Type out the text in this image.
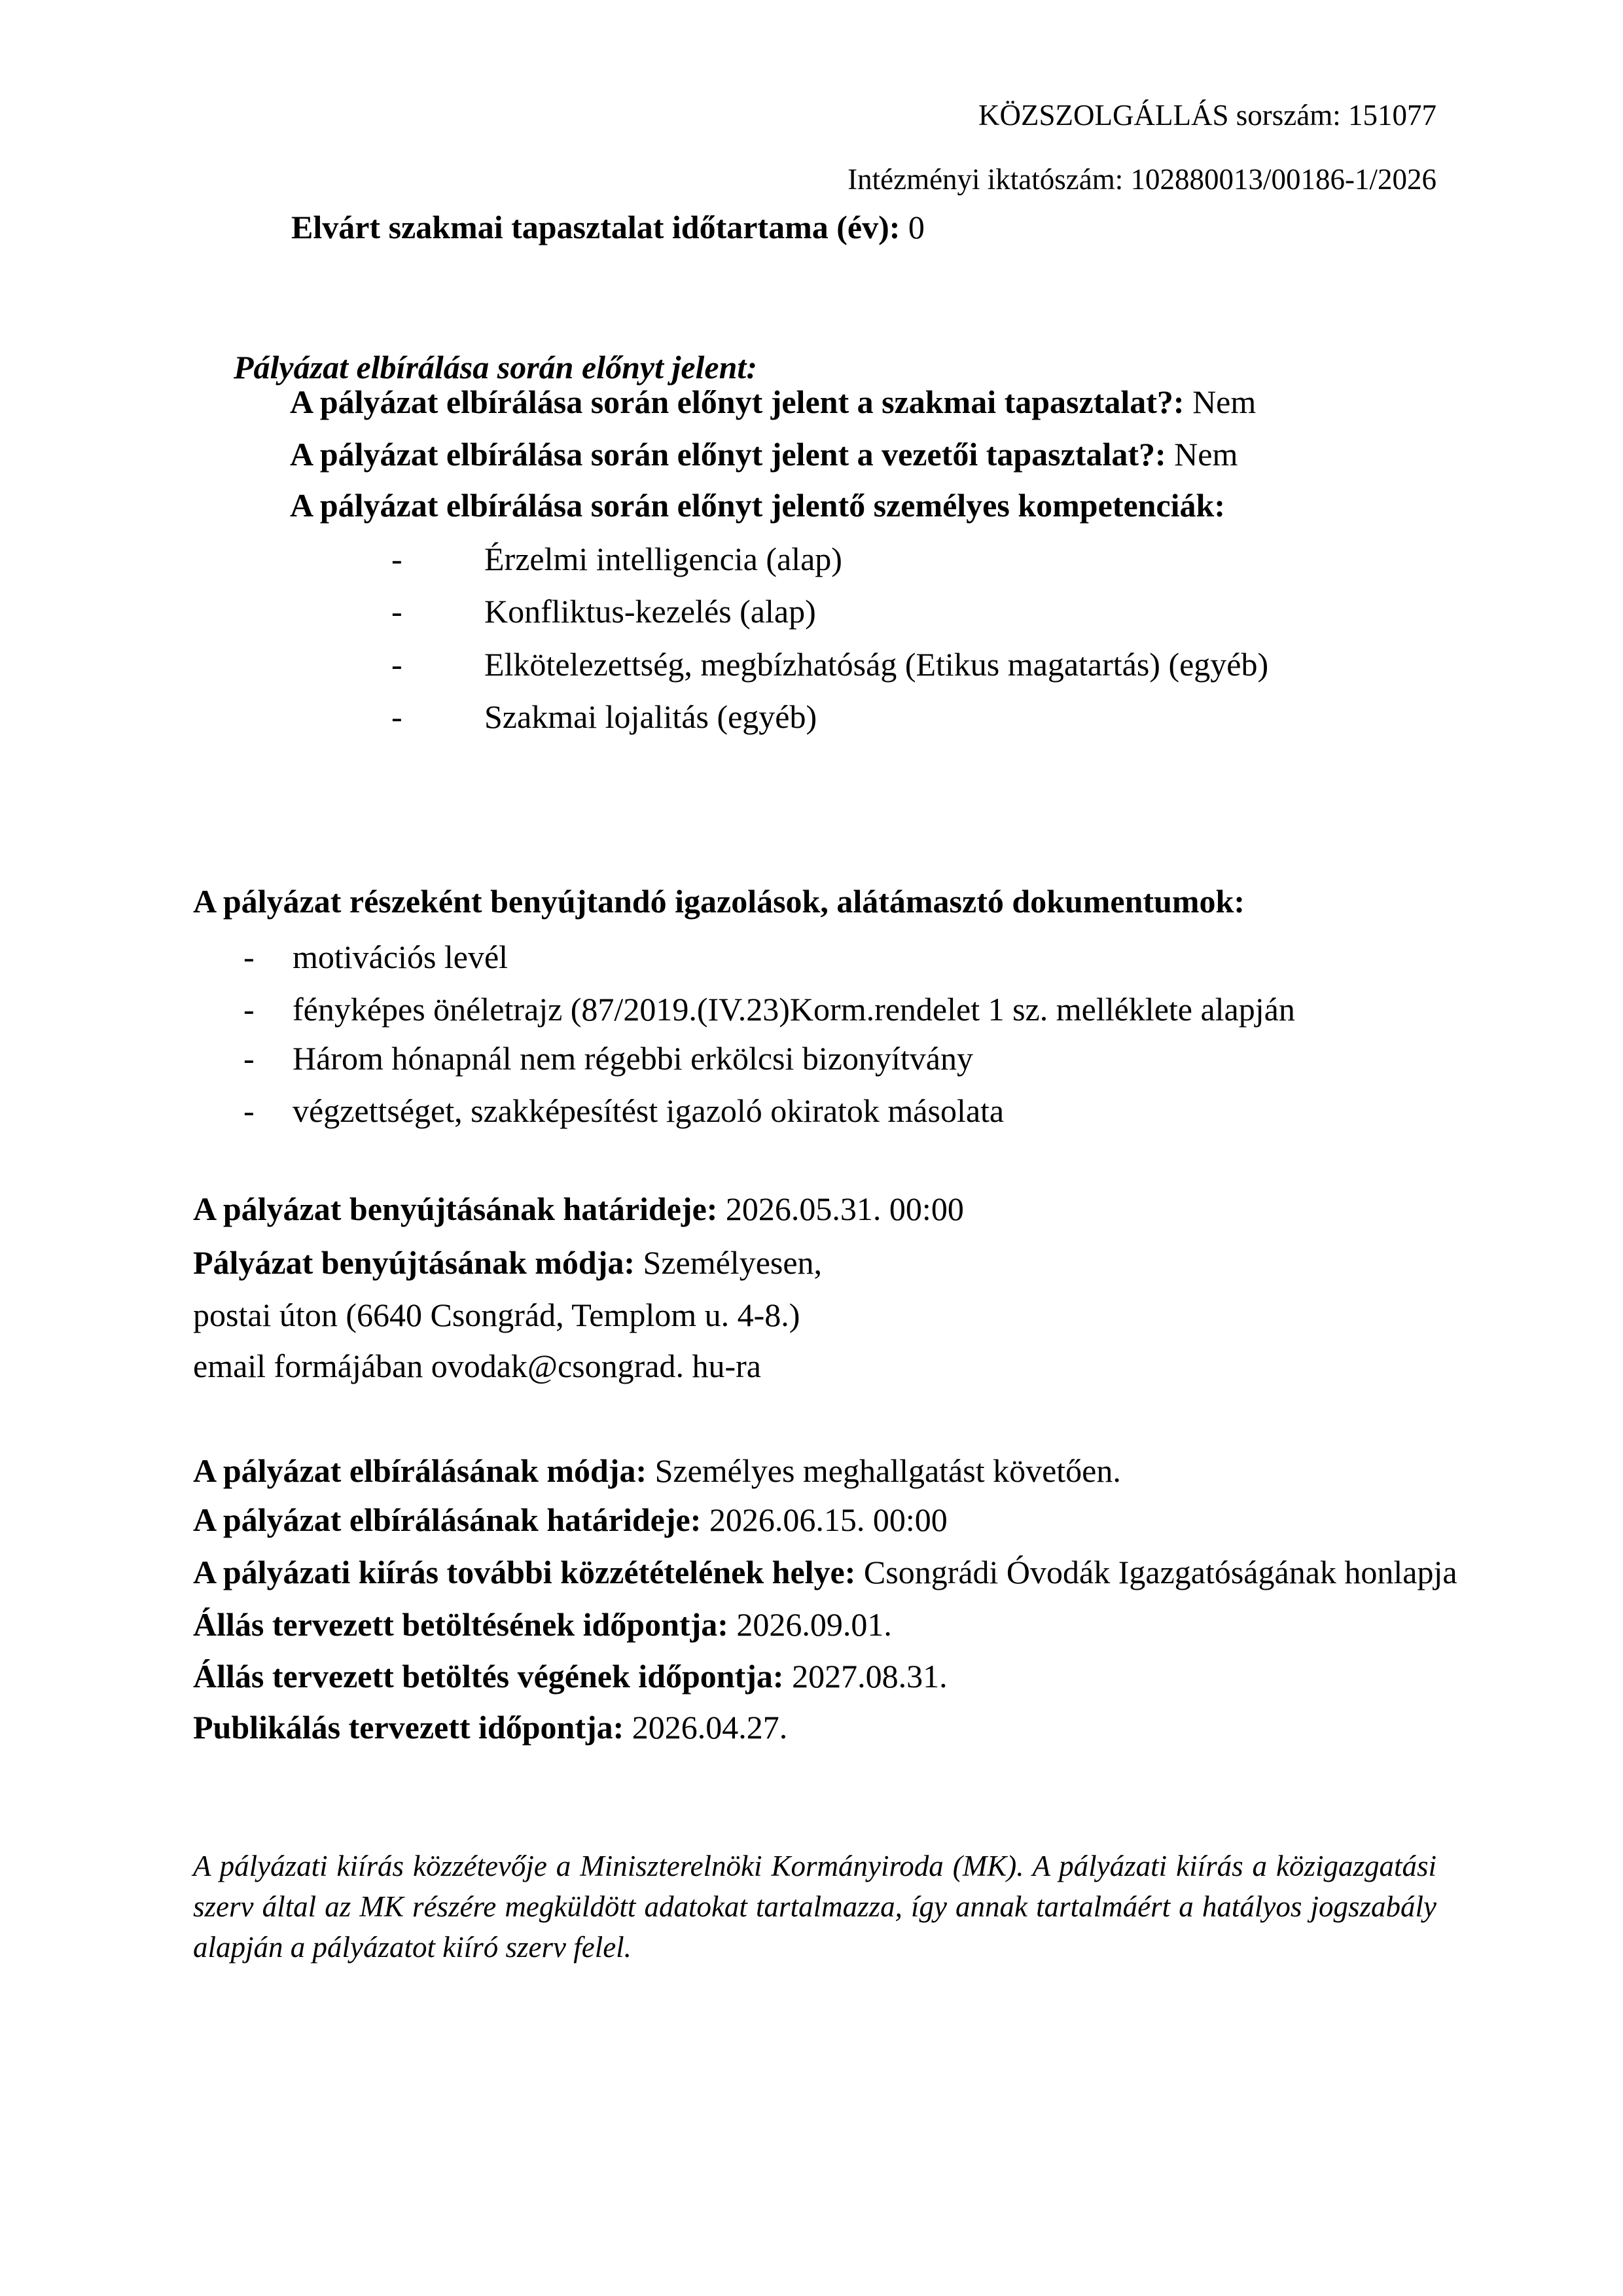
KÖZSZOLGÁLLÁS sorszám: 151077
Intézményi iktatószám: 102880013/00186-1/2026
Elvárt szakmai tapasztalat időtartama (év): 0
Pályázat elbírálása során előnyt jelent:
A pályázat elbírálása során előnyt jelent a szakmai tapasztalat?: Nem
A pályázat elbírálása során előnyt jelent a vezetői tapasztalat?: Nem
A pályázat elbírálása során előnyt jelentő személyes kompetenciák:
-	Érzelmi intelligencia (alap)
-	Konfliktus-kezelés (alap)
-	Elkötelezettség, megbízhatóság (Etikus magatartás) (egyéb)
-	Szakmai lojalitás (egyéb)
A pályázat részeként benyújtandó igazolások, alátámasztó dokumentumok:
- motivációs levél
- fényképes önéletrajz (87/2019.(IV.23)Korm.rendelet 1 sz. melléklete alapján
- Három hónapnál nem régebbi erkölcsi bizonyítvány
- végzettséget, szakképesítést igazoló okiratok másolata
A pályázat benyújtásának határideje: 2026.05.31. 00:00
Pályázat benyújtásának módja: Személyesen,
postai úton (6640 Csongrád, Templom u. 4-8.)
email formájában ovodak@csongrad. hu-ra
A pályázat elbírálásának módja: Személyes meghallgatást követően.
A pályázat elbírálásának határideje: 2026.06.15. 00:00
A pályázati kiírás további közzétételének helye: Csongrádi Óvodák Igazgatóságának honlapja
Állás tervezett betöltésének időpontja: 2026.09.01.
Állás tervezett betöltés végének időpontja: 2027.08.31.
Publikálás tervezett időpontja: 2026.04.27.
A pályázati kiírás közzétevője a Miniszterelnöki Kormányiroda (MK). A pályázati kiírás a közigazgatási szerv által az MK részére megküldött adatokat tartalmazza, így annak tartalmáért a hatályos jogszabály alapján a pályázatot kiíró szerv felel.
